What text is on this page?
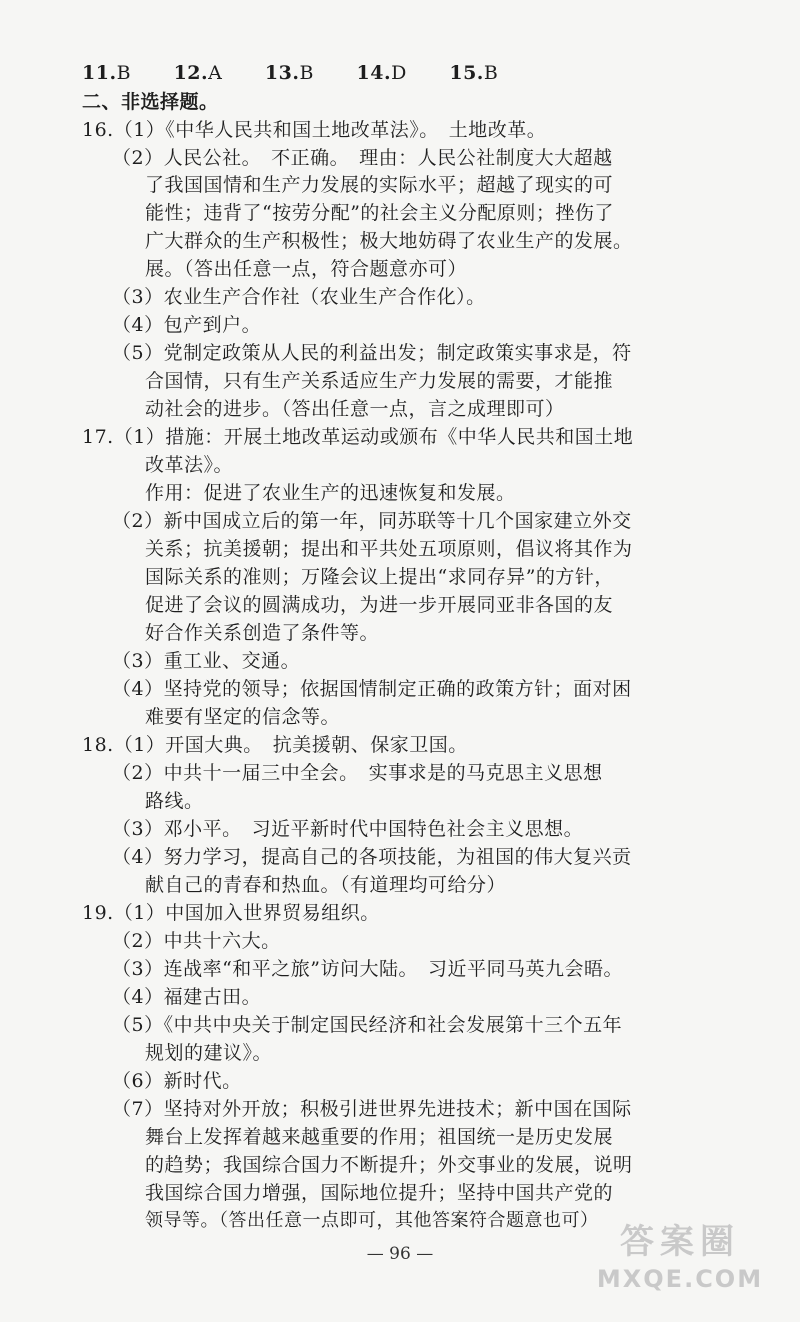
11.B 12.A 13.B 14.D 15.B
二、非选择题。
16.（1）《中华人民共和国土地改革法》。　土地改革。
（2）人民公社。　不正确。　理由：人民公社制度大大超越
了我国国情和生产力发展的实际水平；超越了现实的可
能性；违背了“按劳分配”的社会主义分配原则；挫伤了
广大群众的生产积极性；极大地妨碍了农业生产的发展。
展。（答出任意一点，符合题意亦可）
（3）农业生产合作社（农业生产合作化）。
（4）包产到户。
（5）党制定政策从人民的利益出发；制定政策实事求是，符
合国情，只有生产关系适应生产力发展的需要，才能推
动社会的进步。（答出任意一点，言之成理即可）
17.（1）措施：开展土地改革运动或颁布《中华人民共和国土地
改革法》。
作用：促进了农业生产的迅速恢复和发展。
（2）新中国成立后的第一年，同苏联等十几个国家建立外交
关系；抗美援朝；提出和平共处五项原则，倡议将其作为
国际关系的准则；万隆会议上提出“求同存异”的方针，
促进了会议的圆满成功，为进一步开展同亚非各国的友
好合作关系创造了条件等。
（3）重工业、交通。
（4）坚持党的领导；依据国情制定正确的政策方针；面对困
难要有坚定的信念等。
18.（1）开国大典。　抗美援朝、保家卫国。
（2）中共十一届三中全会。　实事求是的马克思主义思想
路线。
（3）邓小平。　习近平新时代中国特色社会主义思想。
（4）努力学习，提高自己的各项技能，为祖国的伟大复兴贡
献自己的青春和热血。（有道理均可给分）
19.（1）中国加入世界贸易组织。
（2）中共十六大。
（3）连战率“和平之旅”访问大陆。　习近平同马英九会晤。
（4）福建古田。
（5）《中共中央关于制定国民经济和社会发展第十三个五年
规划的建议》。
（6）新时代。
（7）坚持对外开放；积极引进世界先进技术；新中国在国际
舞台上发挥着越来越重要的作用；祖国统一是历史发展
的趋势；我国综合国力不断提升；外交事业的发展，说明
我国综合国力增强，国际地位提升；坚持中国共产党的
领导等。（答出任意一点即可，其他答案符合题意也可）
— 96 —	答案圈
MXQE.COM
